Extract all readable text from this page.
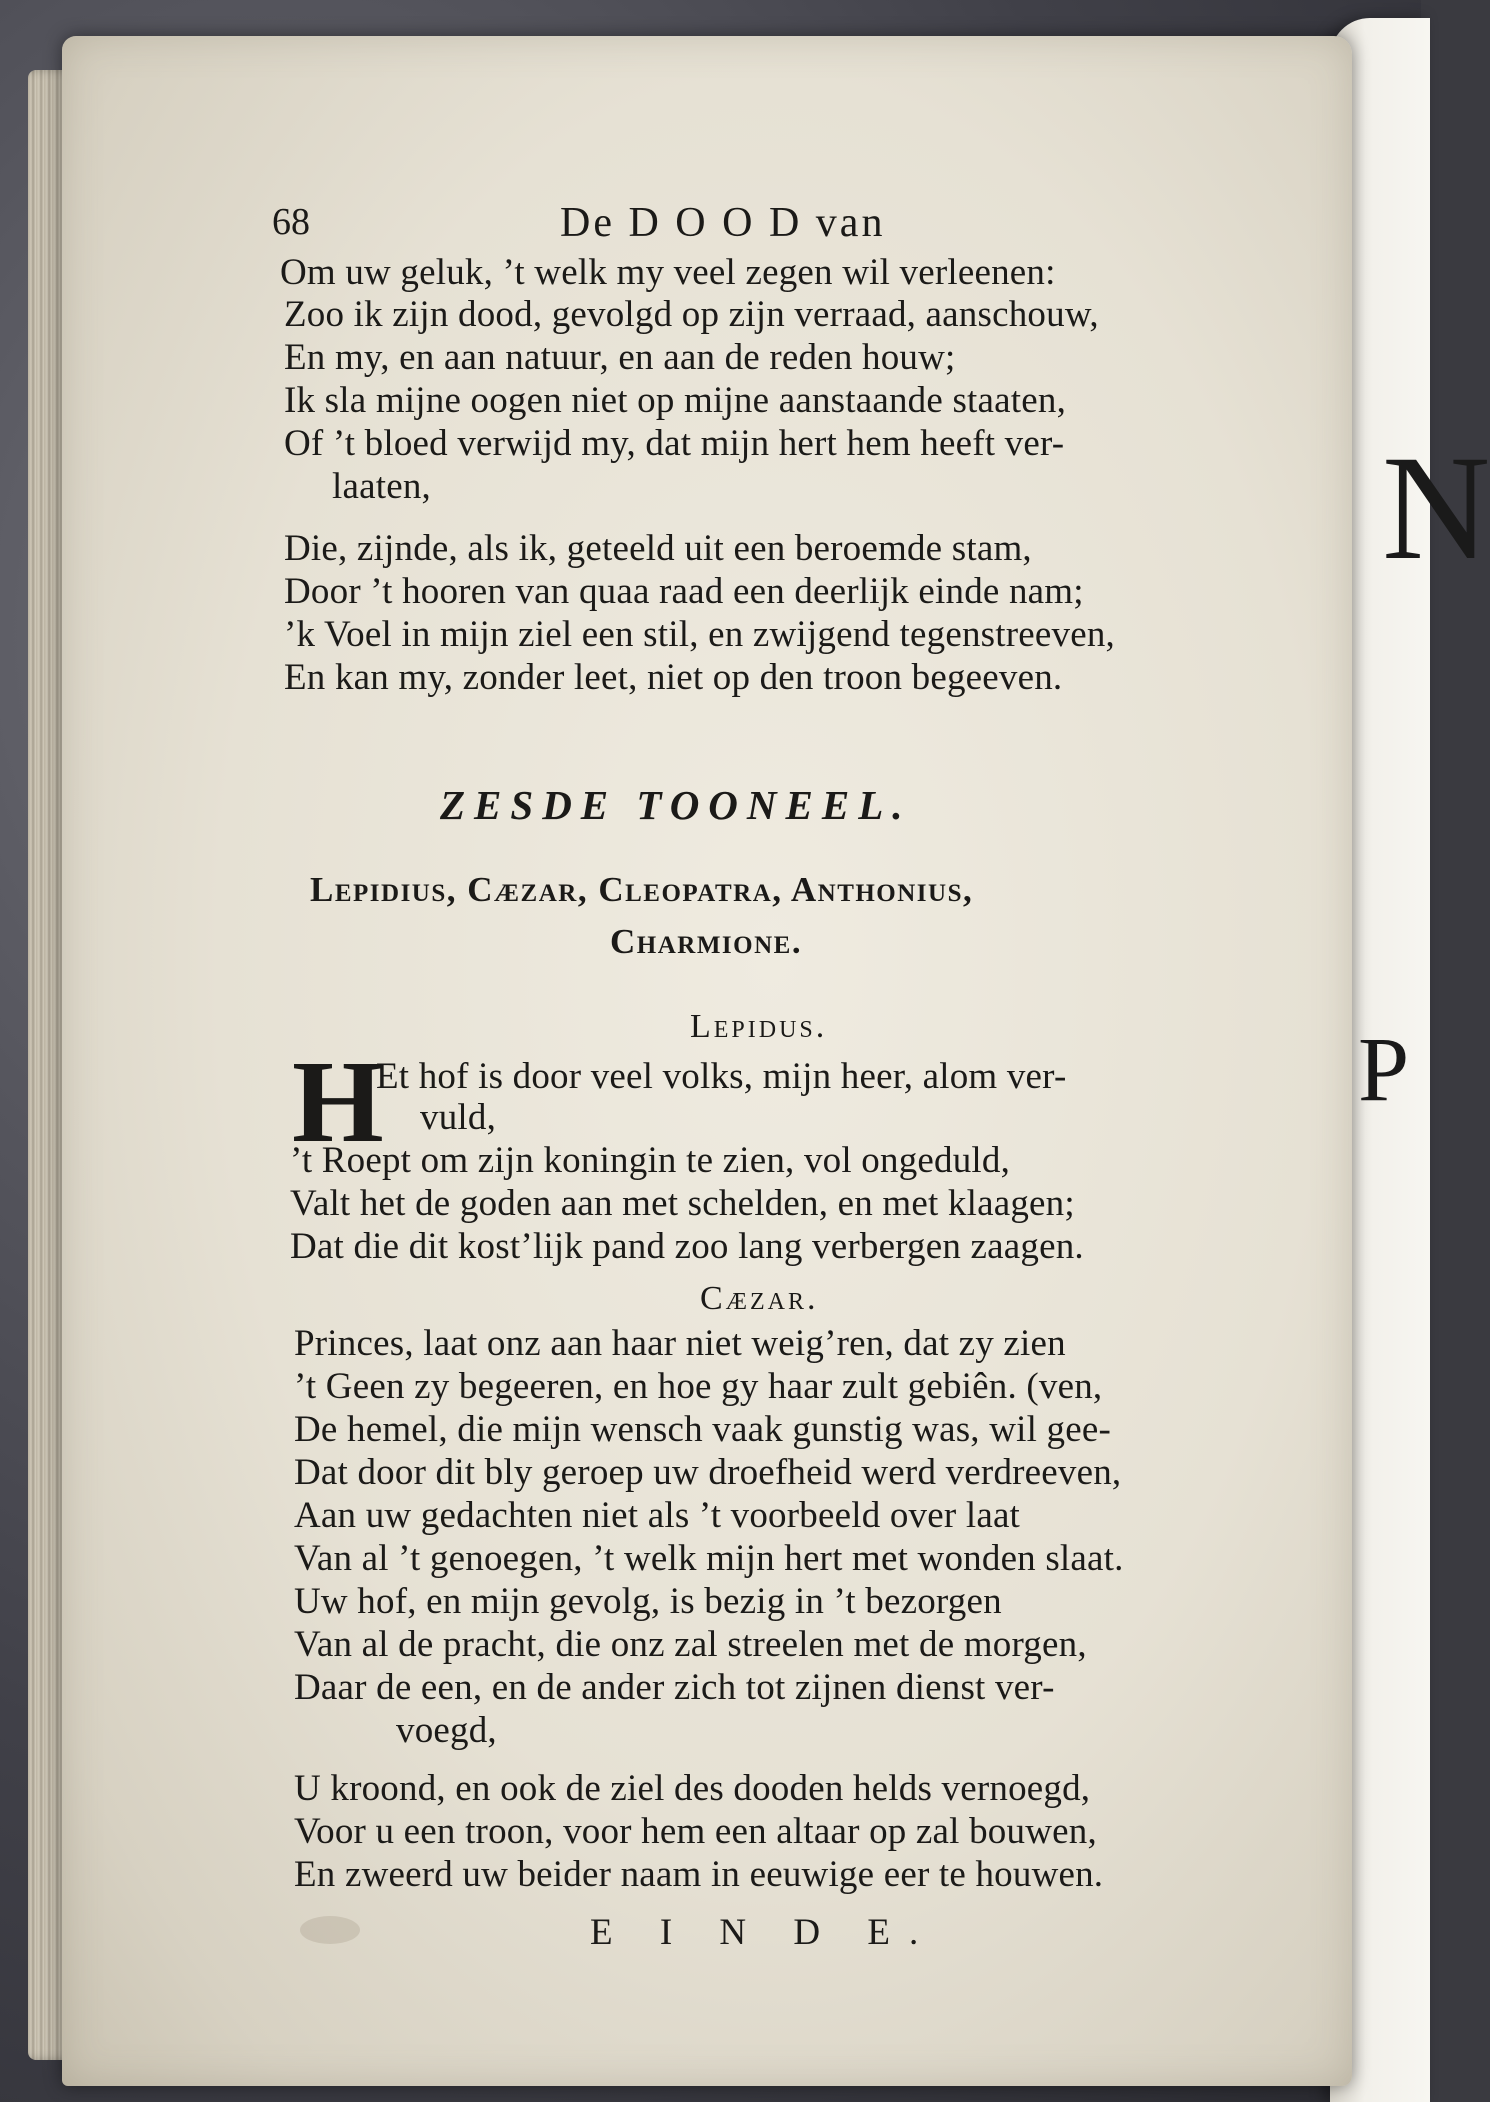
N
P
68	De D O O D van
Om uw geluk, ’t welk my veel zegen wil verleenen:
Zoo ik zijn dood, gevolgd op zijn verraad, aanschouw,
En my, en aan natuur, en aan de reden houw;
Ik sla mijne oogen niet op mijne aanstaande staaten,
Of ’t bloed verwijd my, dat mijn hert hem heeft ver-
laaten,
Die, zijnde, als ik, geteeld uit een beroemde stam,
Door ’t hooren van quaa raad een deerlijk einde nam;
’k Voel in mijn ziel een stil, en zwijgend tegenstreeven,
En kan my, zonder leet, niet op den troon begeeven.
ZESDE TOONEEL.
Lepidius, Cæzar, Cleopatra, Anthonius,
Charmione.
Lepidus.
H
Et hof is door veel volks, mijn heer, alom ver-
vuld,
’t Roept om zijn koningin te zien, vol ongeduld,
Valt het de goden aan met schelden, en met klaagen;
Dat die dit kost’lijk pand zoo lang verbergen zaagen.
Cæzar.
Princes, laat onz aan haar niet weig’ren, dat zy zien
’t Geen zy begeeren, en hoe gy haar zult gebiên. (ven,
De hemel, die mijn wensch vaak gunstig was, wil gee-
Dat door dit bly geroep uw droefheid werd verdreeven,
Aan uw gedachten niet als ’t voorbeeld over laat
Van al ’t genoegen, ’t welk mijn hert met wonden slaat.
Uw hof, en mijn gevolg, is bezig in ’t bezorgen
Van al de pracht, die onz zal streelen met de morgen,
Daar de een, en de ander zich tot zijnen dienst ver-
voegd,
U kroond, en ook de ziel des dooden helds vernoegd,
Voor u een troon, voor hem een altaar op zal bouwen,
En zweerd uw beider naam in eeuwige eer te houwen.
E I N D E.
